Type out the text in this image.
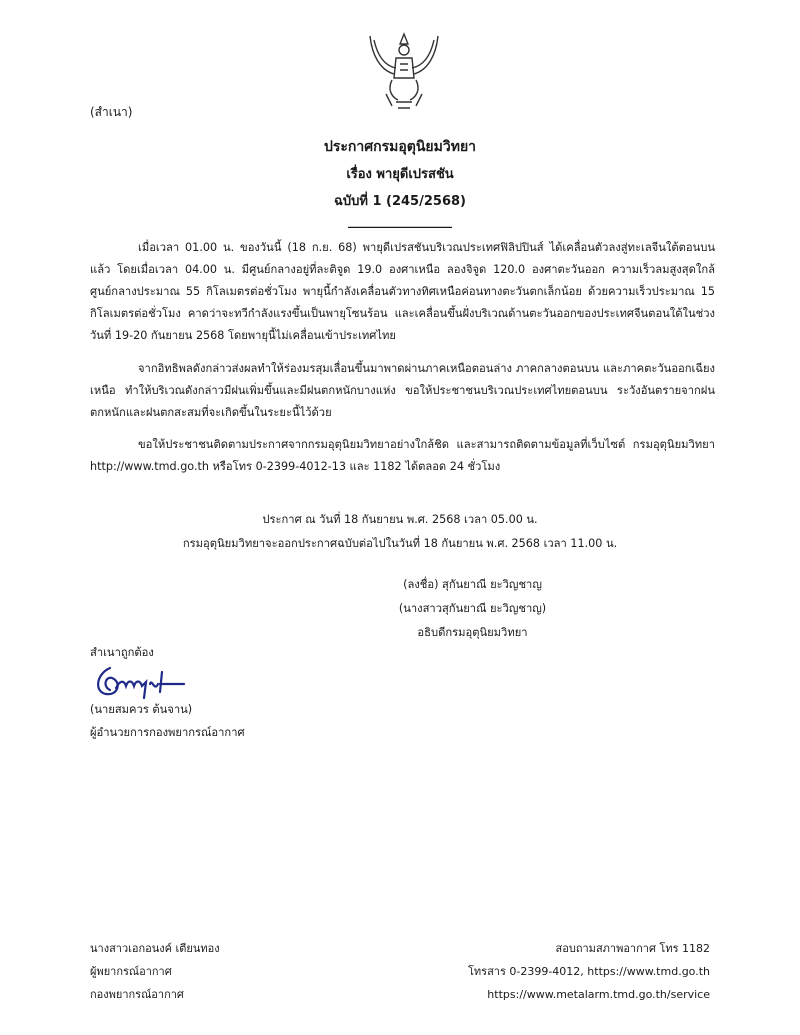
(สำเนา)
ประกาศกรมอุตุนิยมวิทยา
เรื่อง พายุดีเปรสชัน
ฉบับที่ 1 (245/2568)
________________
เมื่อเวลา 01.00 น. ของวันนี้ (18 ก.ย. 68) พายุดีเปรสชันบริเวณประเทศฟิลิปปินส์ ได้เคลื่อนตัวลงสู่ทะเลจีนใต้ตอนบนแล้ว โดยเมื่อเวลา 04.00 น. มีศูนย์กลางอยู่ที่ละติจูด 19.0 องศาเหนือ ลองจิจูด 120.0 องศาตะวันออก ความเร็วลมสูงสุดใกล้ศูนย์กลางประมาณ 55 กิโลเมตรต่อชั่วโมง พายุนี้กำลังเคลื่อนตัวทางทิศเหนือค่อนทางตะวันตกเล็กน้อย ด้วยความเร็วประมาณ 15 กิโลเมตรต่อชั่วโมง คาดว่าจะทวีกำลังแรงขึ้นเป็นพายุโซนร้อน และเคลื่อนขึ้นฝั่งบริเวณด้านตะวันออกของประเทศจีนตอนใต้ในช่วงวันที่ 19-20 กันยายน 2568 โดยพายุนี้ไม่เคลื่อนเข้าประเทศไทย
จากอิทธิพลดังกล่าวส่งผลทำให้ร่องมรสุมเลื่อนขึ้นมาพาดผ่านภาคเหนือตอนล่าง ภาคกลางตอนบน และภาคตะวันออกเฉียงเหนือ ทำให้บริเวณดังกล่าวมีฝนเพิ่มขึ้นและมีฝนตกหนักบางแห่ง ขอให้ประชาชนบริเวณประเทศไทยตอนบน ระวังอันตรายจากฝนตกหนักและฝนตกสะสมที่จะเกิดขึ้นในระยะนี้ไว้ด้วย
ขอให้ประชาชนติดตามประกาศจากกรมอุตุนิยมวิทยาอย่างใกล้ชิด และสามารถติดตามข้อมูลที่เว็บไซต์ กรมอุตุนิยมวิทยา http://www.tmd.go.th หรือโทร 0-2399-4012-13 และ 1182 ได้ตลอด 24 ชั่วโมง
ประกาศ ณ วันที่ 18 กันยายน พ.ศ. 2568 เวลา 05.00 น.
กรมอุตุนิยมวิทยาจะออกประกาศฉบับต่อไปในวันที่ 18 กันยายน พ.ศ. 2568 เวลา 11.00 น.
(ลงชื่อ) สุกันยาณี ยะวิญชาญ
(นางสาวสุกันยาณี ยะวิญชาญ)
อธิบดีกรมอุตุนิยมวิทยา
สำเนาถูกต้อง
(นายสมควร ต้นจาน)
ผู้อำนวยการกองพยากรณ์อากาศ
นางสาวเอกอนงค์ เตียนทอง
ผู้พยากรณ์อากาศ
กองพยากรณ์อากาศ
สอบถามสภาพอากาศ โทร 1182
โทรสาร 0-2399-4012, https://www.tmd.go.th
https://www.metalarm.tmd.go.th/service
